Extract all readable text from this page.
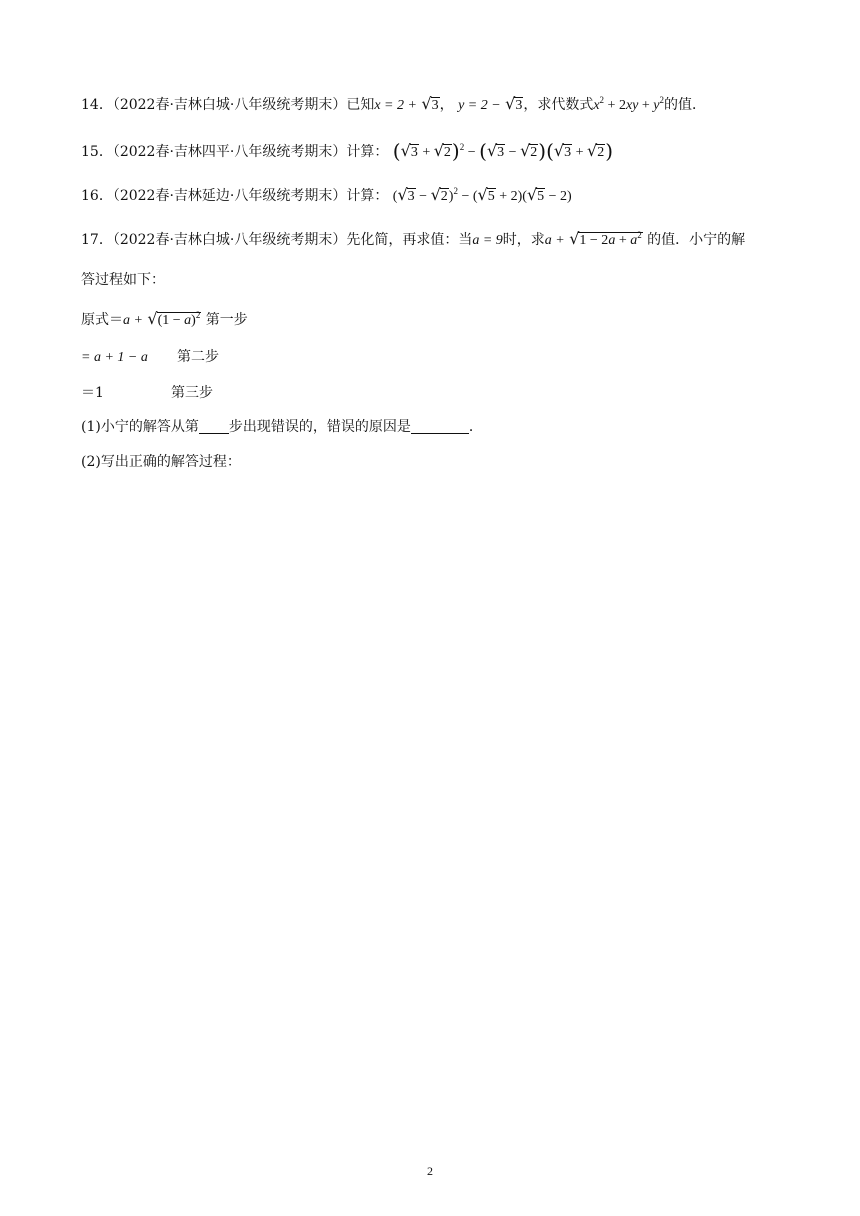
14．（2022春·吉林白城·八年级统考期末）已知x = 2 + √3， y = 2 − √3，求代数式$x^2 + 2xy + y^2$的值．
15．（2022春·吉林四平·八年级统考期末）计算： $(√3 + √2)^2 - (√3 - √2)(√3 + √2)$
16．（2022春·吉林延边·八年级统考期末）计算： $(√3 - √2)^2 - (√5 + 2)(√5 - 2)$
17．（2022春·吉林白城·八年级统考期末）先化简，再求值：当a = 9时，求$a + √1 - 2a + a^2$ 的值．小宁的解
答过程如下：
原式$=a + √(1 - a)^2$ 第一步
= a + 1 − a 第二步
＝1	第三步
(1)小宁的解答从第 步出现错误的，错误的原因是	．
(2)写出正确的解答过程：
2
